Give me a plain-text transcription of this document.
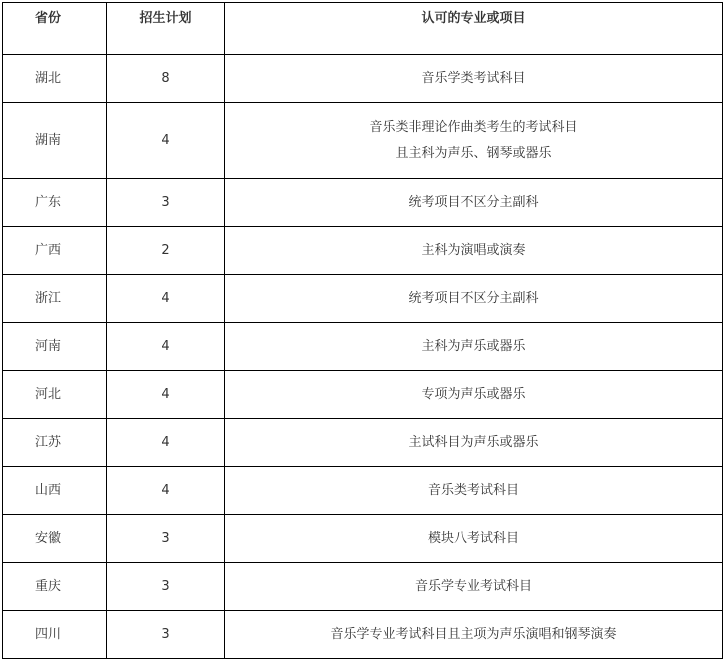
省份	招生计划	认可的专业或项目
湖北	8	音乐学类考试科目

湖南	4	音乐类非理论作曲类考生的考试科目
且主科为声乐、钢琴或器乐

广东	3	统考项目不区分主副科

广西	2	主科为演唱或演奏

浙江	4	统考项目不区分主副科

河南	4	主科为声乐或器乐

河北	4	专项为声乐或器乐

江苏	4	主试科目为声乐或器乐

山西	4	音乐类考试科目

安徽	3	模块八考试科目

重庆	3	音乐学专业考试科目

四川	3	音乐学专业考试科目且主项为声乐演唱和钢琴演奏
